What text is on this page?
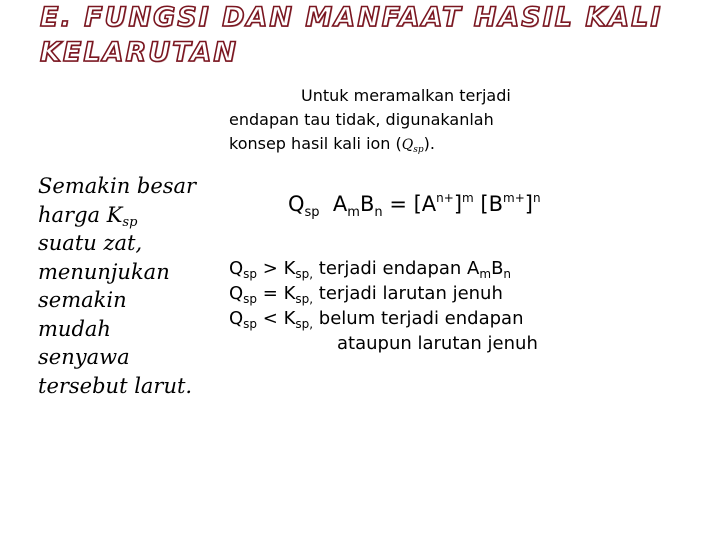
E. FUNGSI DAN MANFAAT HASIL KALI
KELARUTAN
Semakin besar
harga $K_{sp}$
suatu zat,
menunjukan
semakin
mudah
senyawa
tersebut larut.
Untuk meramalkan terjadi
endapan tau tidak, digunakanlah
konsep hasil kali ion $(Q_{sp})$.
$Q_{sp}$ $A_mB_n = [A^{n+}]^m$ $[B^{m+}]^n$
$Q_{sp} > K_{sp,}$ terjadi endapan $A_mB_n$
$Q_{sp} = K_{sp,}$ terjadi larutan jenuh
$Q_{sp} < K_{sp,}$ belum terjadi endapan
ataupun larutan jenuh
